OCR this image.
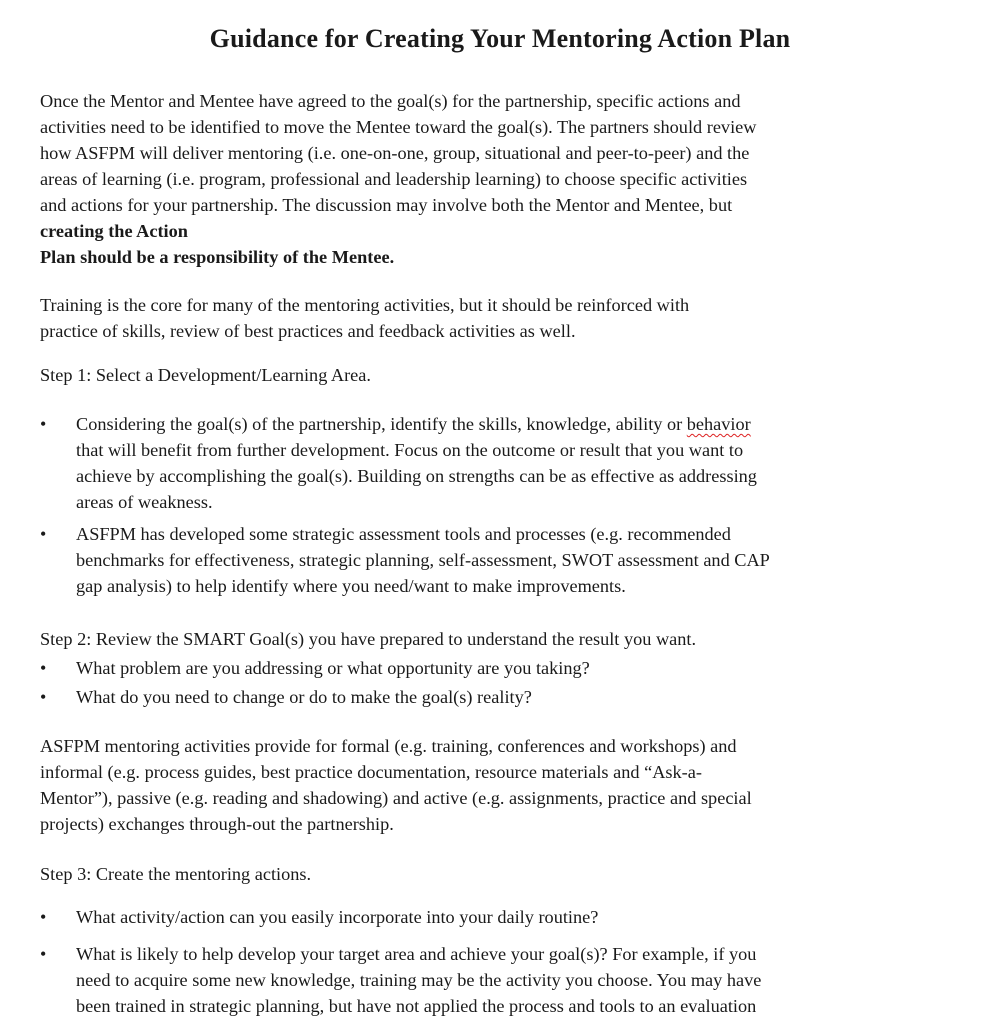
Guidance for Creating Your Mentoring Action Plan
Once the Mentor and Mentee have agreed to the goal(s) for the partnership, specific actions and
activities need to be identified to move the Mentee toward the goal(s). The partners should review
how ASFPM will deliver mentoring (i.e. one-on-one, group, situational and peer-to-peer) and the
areas of learning (i.e. program, professional and leadership learning) to choose specific activities
and actions for your partnership. The discussion may involve both the Mentor and Mentee, but
creating the Action
Plan should be a responsibility of the Mentee.
Training is the core for many of the mentoring activities, but it should be reinforced with
practice of skills, review of best practices and feedback activities as well.
Step 1: Select a Development/Learning Area.
•	Considering the goal(s) of the partnership, identify the skills, knowledge, ability or behavior
that will benefit from further development. Focus on the outcome or result that you want to
achieve by accomplishing the goal(s). Building on strengths can be as effective as addressing
areas of weakness.
•	ASFPM has developed some strategic assessment tools and processes (e.g. recommended
benchmarks for effectiveness, strategic planning, self-assessment, SWOT assessment and CAP
gap analysis) to help identify where you need/want to make improvements.
Step 2: Review the SMART Goal(s) you have prepared to understand the result you want.
•	What problem are you addressing or what opportunity are you taking?
•	What do you need to change or do to make the goal(s) reality?
ASFPM mentoring activities provide for formal (e.g. training, conferences and workshops) and
informal (e.g. process guides, best practice documentation, resource materials and “Ask-a-
Mentor”), passive (e.g. reading and shadowing) and active (e.g. assignments, practice and special
projects) exchanges through-out the partnership.
Step 3: Create the mentoring actions.
•	What activity/action can you easily incorporate into your daily routine?
•	What is likely to help develop your target area and achieve your goal(s)? For example, if you
need to acquire some new knowledge, training may be the activity you choose. You may have
been trained in strategic planning, but have not applied the process and tools to an evaluation
